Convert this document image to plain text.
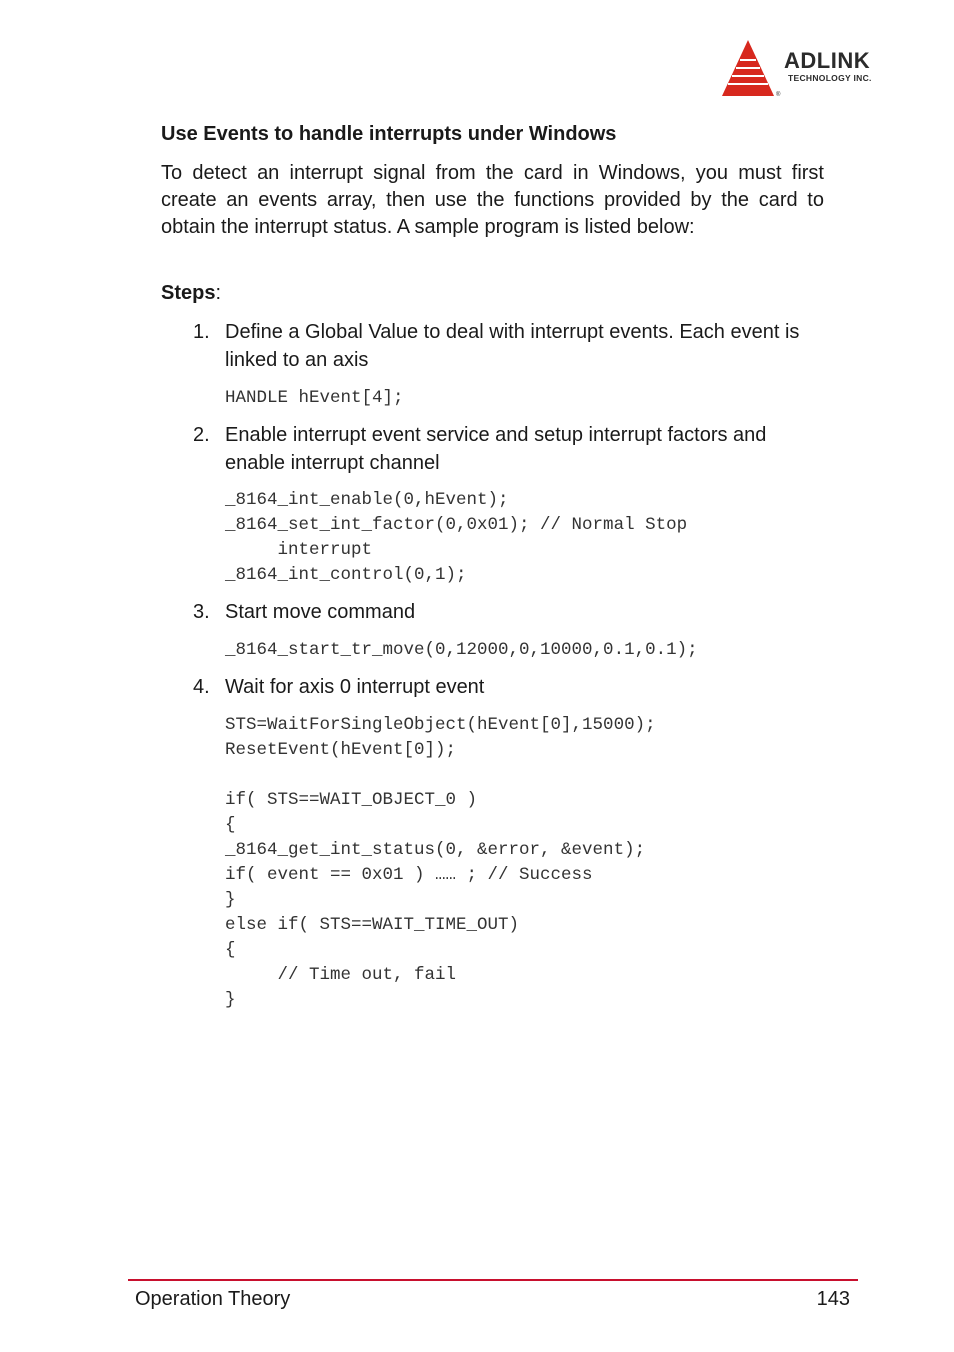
®
ADLINK
TECHNOLOGY INC.
Use Events to handle interrupts under Windows

To detect an interrupt signal from the card in Windows, you must first create an events array, then use the functions provided by the card to obtain the interrupt status. A sample program is listed below:

Steps:
1. Define a Global Value to deal with interrupt events. Each event is linked to an axis
HANDLE hEvent[4];
2. Enable interrupt event service and setup interrupt factors and enable interrupt channel
_8164_int_enable(0,hEvent);
_8164_set_int_factor(0,0x01); // Normal Stop
interrupt
_8164_int_control(0,1);
3. Start move command
_8164_start_tr_move(0,12000,0,10000,0.1,0.1);
4. Wait for axis 0 interrupt event
STS=WaitForSingleObject(hEvent[0],15000);
ResetEvent(hEvent[0]);

if( STS==WAIT_OBJECT_0 )
{
_8164_get_int_status(0, &error, &event);
if( event == 0x01 ) …… ; // Success
}
else if( STS==WAIT_TIME_OUT)
{
// Time out, fail
}
Operation Theory	143
